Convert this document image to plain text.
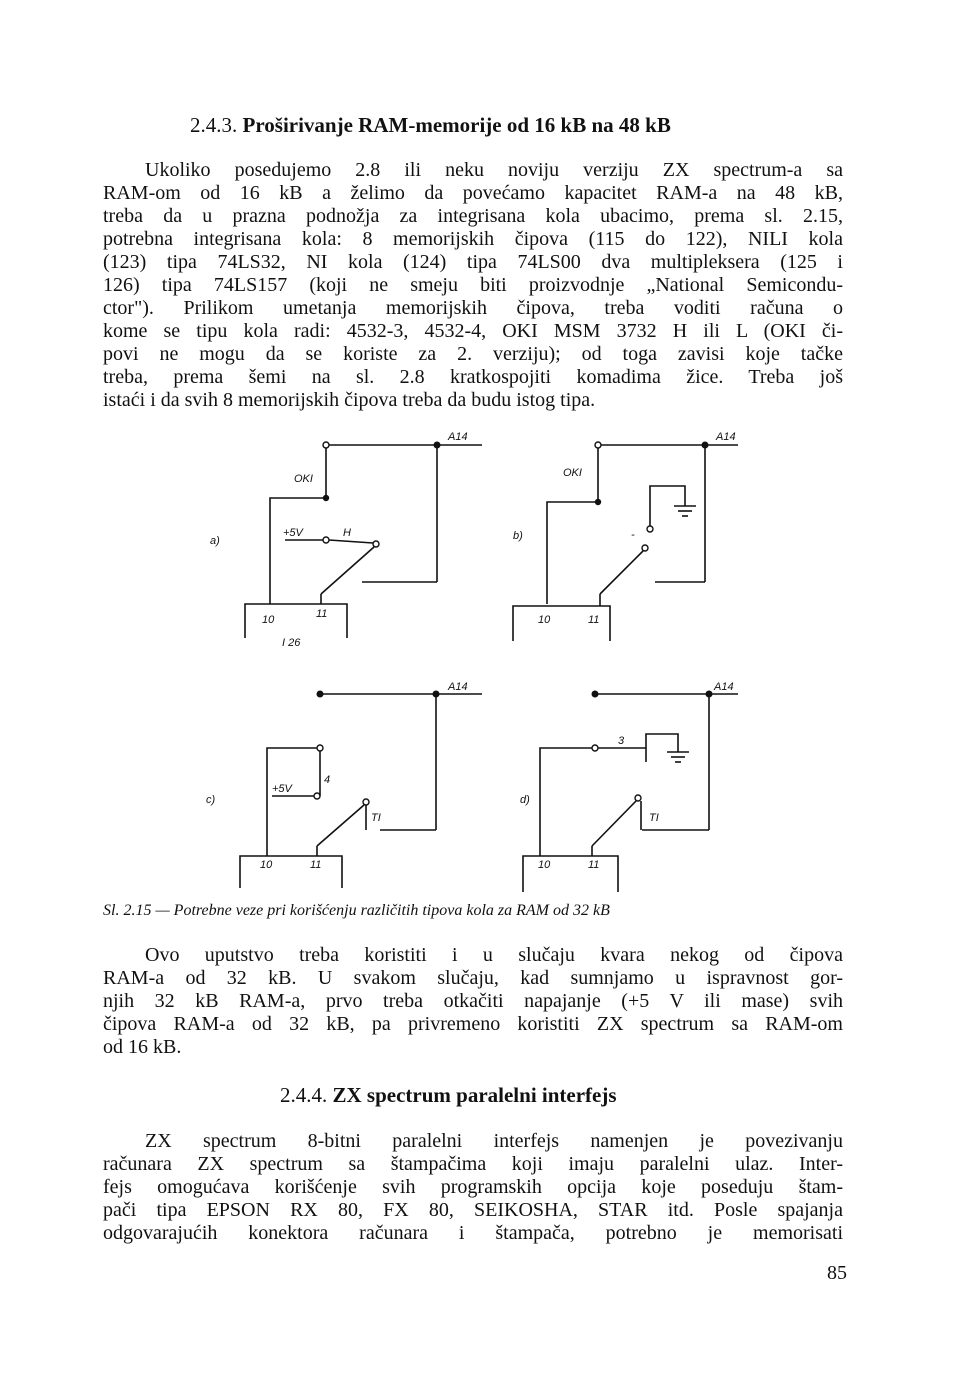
2.4.3. Proširivanje RAM-memorije od 16 kB na 48 kB
Ukoliko posedujemo 2.8 ili neku noviju verziju ZX spectrum-a sa
RAM-om od 16 kB a želimo da povećamo kapacitet RAM-a na 48 kB,
treba da u prazna podnožja za integrisana kola ubacimo, prema sl. 2.15,
potrebna integrisana kola: 8 memorijskih čipova (115 do 122), NILI kola
(123) tipa 74LS32, NI kola (124) tipa 74LS00 dva multipleksera (125 i
126) tipa 74LS157 (koji ne smeju biti proizvodnje „National Semicondu-
ctor"). Prilikom umetanja memorijskih čipova, treba voditi računa o
kome se tipu kola radi: 4532-3, 4532-4, OKI MSM 3732 H ili L (OKI či-
povi ne mogu da se koriste za 2. verziju); od toga zavisi koje tačke
treba, prema šemi na sl. 2.8 kratkospojiti komadima žice. Treba još
istaći i da svih 8 memorijskih čipova treba da budu istog tipa.
a)
A14
OKI
+5V	H
10	11
I 26
b)
A14
OKI
-
10	11
c)
A14
4
+5V
TI
10	11
d)
A14
3
TI
10	11
Sl. 2.15 — Potrebne veze pri korišćenju različitih tipova kola za RAM od 32 kB
Ovo uputstvo treba koristiti i u slučaju kvara nekog od čipova
RAM-a od 32 kB. U svakom slučaju, kad sumnjamo u ispravnost gor-
njih 32 kB RAM-a, prvo treba otkačiti napajanje (+5 V ili mase) svih
čipova RAM-a od 32 kB, pa privremeno koristiti ZX spectrum sa RAM-om
od 16 kB.
2.4.4. ZX spectrum paralelni interfejs
ZX spectrum 8-bitni paralelni interfejs namenjen je povezivanju
računara ZX spectrum sa štampačima koji imaju paralelni ulaz. Inter-
fejs omogućava korišćenje svih programskih opcija koje poseduju štam-
pači tipa EPSON RX 80, FX 80, SEIKOSHA, STAR itd. Posle spajanja
odgovarajućih konektora računara i štampača, potrebno je memorisati
85
